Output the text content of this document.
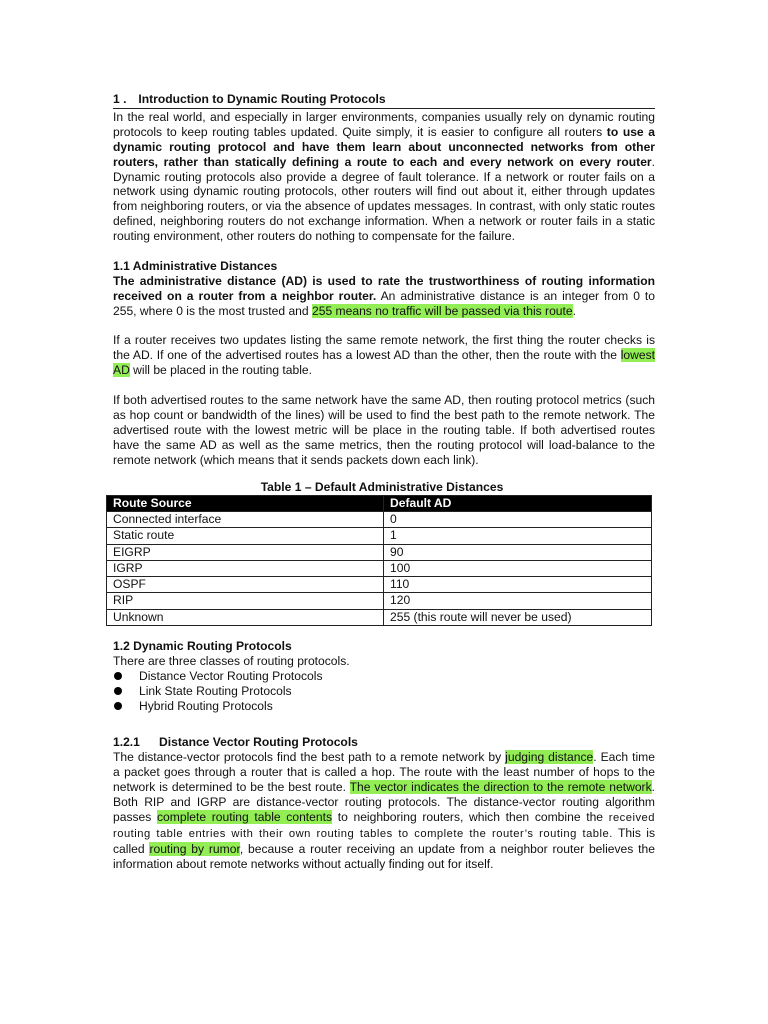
1 . Introduction to Dynamic Routing Protocols

In the real world, and especially in larger environments, companies usually rely on dynamic routing protocols to keep routing tables updated. Quite simply, it is easier to configure all routers to use a dynamic routing protocol and have them learn about unconnected networks from other routers, rather than statically defining a route to each and every network on every router. Dynamic routing protocols also provide a degree of fault tolerance. If a network or router fails on a network using dynamic routing protocols, other routers will find out about it, either through updates from neighboring routers, or via the absence of updates messages. In contrast, with only static routes defined, neighboring routers do not exchange information. When a network or router fails in a static routing environment, other routers do nothing to compensate for the failure.

1.1 Administrative Distances

The administrative distance (AD) is used to rate the trustworthiness of routing information received on a router from a neighbor router. An administrative distance is an integer from 0 to 255, where 0 is the most trusted and 255 means no traffic will be passed via this route.

If a router receives two updates listing the same remote network, the first thing the router checks is the AD. If one of the advertised routes has a lowest AD than the other, then the route with the lowest AD will be placed in the routing table.

If both advertised routes to the same network have the same AD, then routing protocol metrics (such as hop count or bandwidth of the lines) will be used to find the best path to the remote network. The advertised route with the lowest metric will be place in the routing table. If both advertised routes have the same AD as well as the same metrics, then the routing protocol will load-balance to the remote network (which means that it sends packets down each link).

Table 1 – Default Administrative Distances
Route Source	Default AD
Connected interface	0
Static route	1
EIGRP	90
IGRP	100
OSPF	110
RIP	120
Unknown	255 (this route will never be used)
1.2 Dynamic Routing Protocols
There are three classes of routing protocols.
Distance Vector Routing Protocols
Link State Routing Protocols
Hybrid Routing Protocols
1.2.1 Distance Vector Routing Protocols

The distance-vector protocols find the best path to a remote network by judging distance. Each time a packet goes through a router that is called a hop. The route with the least number of hops to the network is determined to be the best route. The vector indicates the direction to the remote network. Both RIP and IGRP are distance-vector routing protocols. The distance-vector routing algorithm passes complete routing table contents to neighboring routers, which then combine the received routing table entries with their own routing tables to complete the router’s routing table. This is called routing by rumor, because a router receiving an update from a neighbor router believes the information about remote networks without actually finding out for itself.
